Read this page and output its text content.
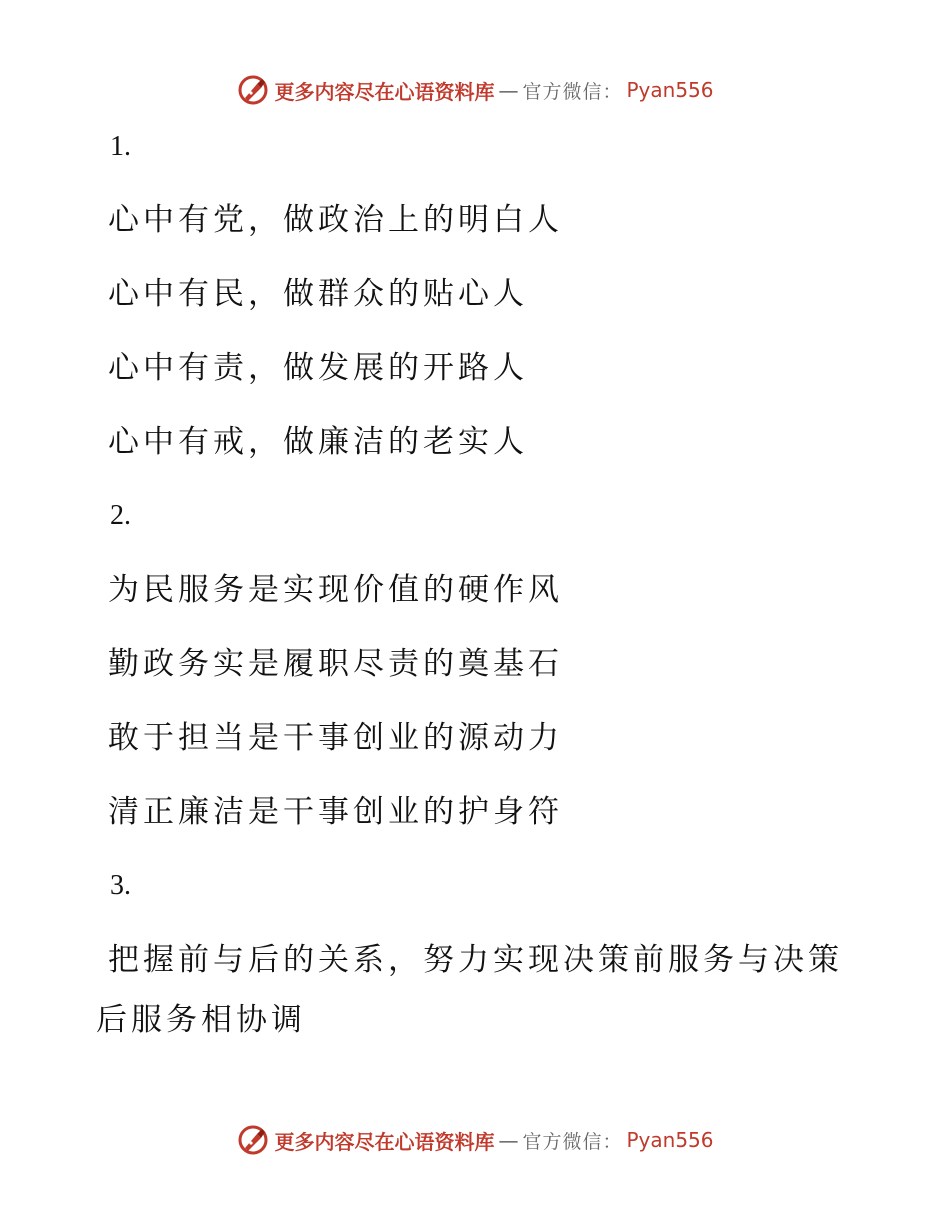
更多内容尽在心语资料库 — 官方微信： Pyan556
1.
心中有党，做政治上的明白人
心中有民，做群众的贴心人
心中有责，做发展的开路人
心中有戒，做廉洁的老实人
2.
为民服务是实现价值的硬作风
勤政务实是履职尽责的奠基石
敢于担当是干事创业的源动力
清正廉洁是干事创业的护身符
3.
把握前与后的关系，努力实现决策前服务与决策
后服务相协调
更多内容尽在心语资料库 — 官方微信： Pyan556
